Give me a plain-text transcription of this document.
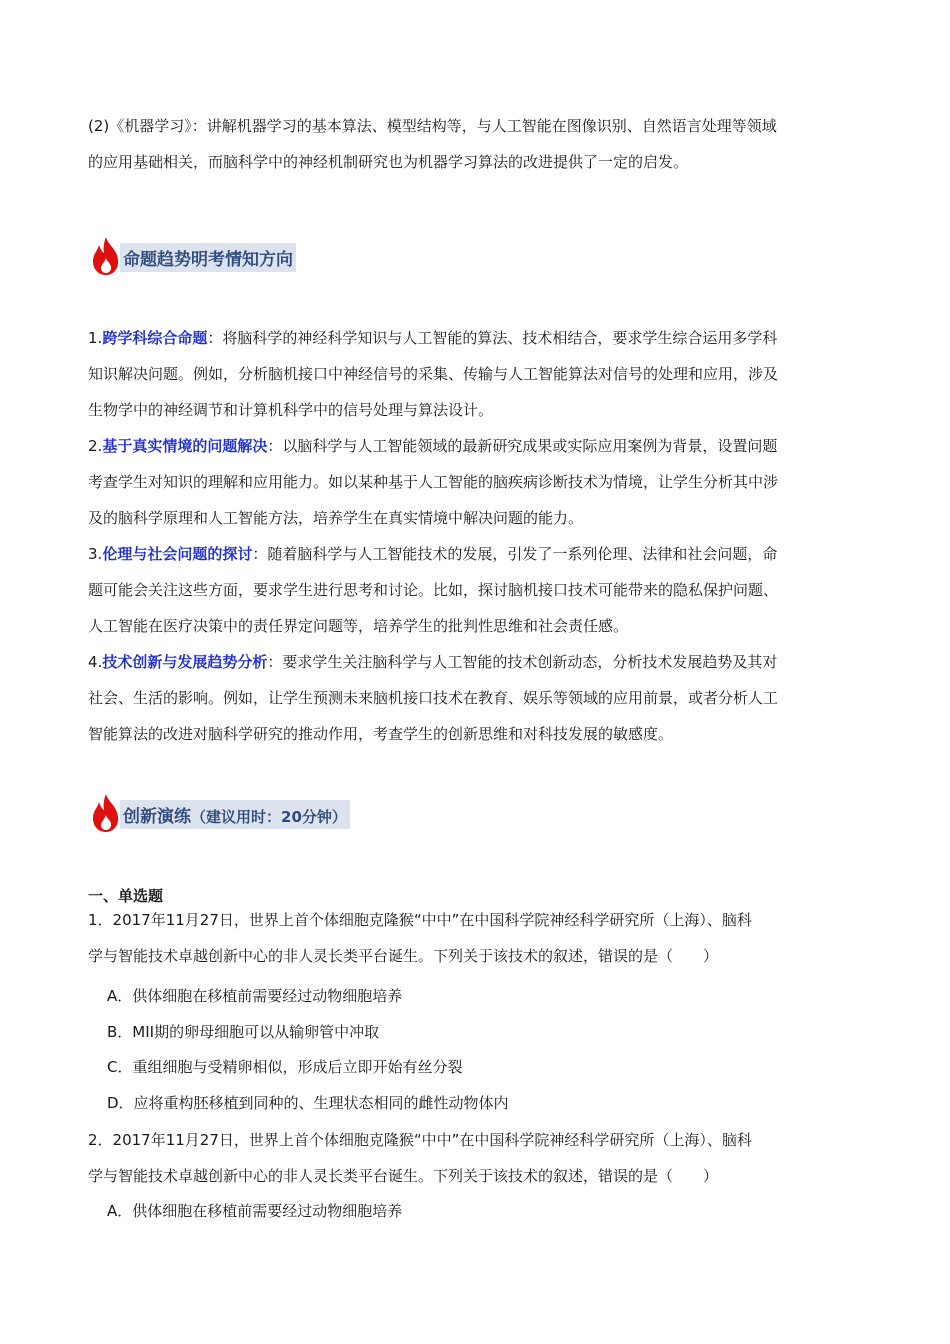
(2)《机器学习》：讲解机器学习的基本算法、模型结构等，与人工智能在图像识别、自然语言处理等领域
的应用基础相关，而脑科学中的神经机制研究也为机器学习算法的改进提供了一定的启发。
命题趋势明考情知方向
1.跨学科综合命题：将脑科学的神经科学知识与人工智能的算法、技术相结合，要求学生综合运用多学科
知识解决问题。例如，分析脑机接口中神经信号的采集、传输与人工智能算法对信号的处理和应用，涉及
生物学中的神经调节和计算机科学中的信号处理与算法设计。
2.基于真实情境的问题解决：以脑科学与人工智能领域的最新研究成果或实际应用案例为背景，设置问题
考查学生对知识的理解和应用能力。如以某种基于人工智能的脑疾病诊断技术为情境，让学生分析其中涉
及的脑科学原理和人工智能方法，培养学生在真实情境中解决问题的能力。
3.伦理与社会问题的探讨：随着脑科学与人工智能技术的发展，引发了一系列伦理、法律和社会问题，命
题可能会关注这些方面，要求学生进行思考和讨论。比如，探讨脑机接口技术可能带来的隐私保护问题、
人工智能在医疗决策中的责任界定问题等，培养学生的批判性思维和社会责任感。
4.技术创新与发展趋势分析：要求学生关注脑科学与人工智能的技术创新动态，分析技术发展趋势及其对
社会、生活的影响。例如，让学生预测未来脑机接口技术在教育、娱乐等领域的应用前景，或者分析人工
智能算法的改进对脑科学研究的推动作用，考查学生的创新思维和对科技发展的敏感度。
创新演练（建议用时：20分钟）
一、单选题
1．2017年11月27日，世界上首个体细胞克隆猴“中中”在中国科学院神经科学研究所（上海）、脑科
学与智能技术卓越创新中心的非人灵长类平台诞生。下列关于该技术的叙述，错误的是（　　）
A．供体细胞在移植前需要经过动物细胞培养
B．MII期的卵母细胞可以从输卵管中冲取
C．重组细胞与受精卵相似，形成后立即开始有丝分裂
D．应将重构胚移植到同种的、生理状态相同的雌性动物体内
2．2017年11月27日，世界上首个体细胞克隆猴“中中”在中国科学院神经科学研究所（上海）、脑科
学与智能技术卓越创新中心的非人灵长类平台诞生。下列关于该技术的叙述，错误的是（　　）
A．供体细胞在移植前需要经过动物细胞培养
